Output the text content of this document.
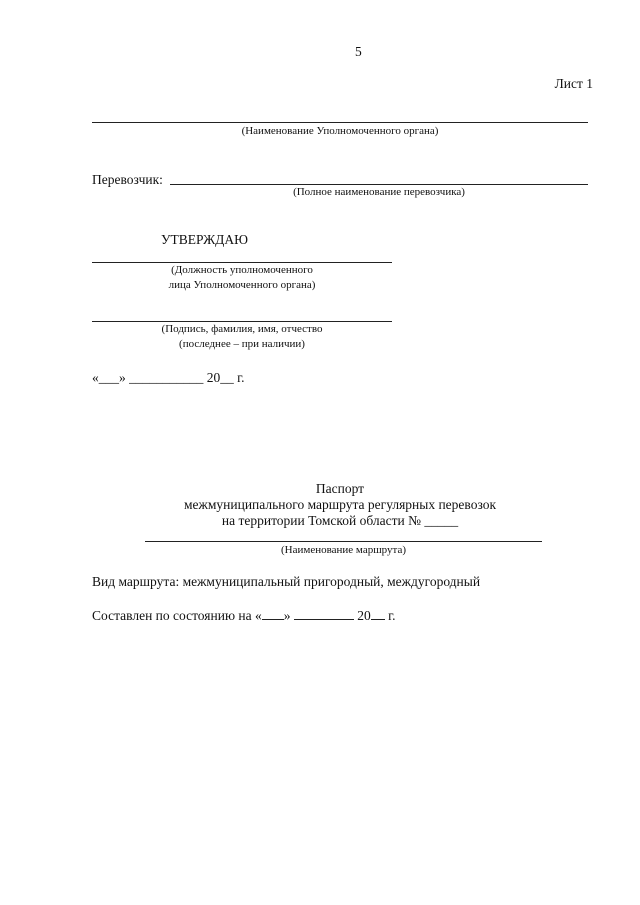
5
Лист 1
(Наименование Уполномоченного органа)
Перевозчик:
(Полное наименование перевозчика)
УТВЕРЖДАЮ
(Должность уполномоченного
лица Уполномоченного органа)
(Подпись, фамилия, имя, отчество
(последнее – при наличии)
«___» ___________ 20__ г.
Паспорт
межмуниципального маршрута регулярных перевозок
на территории Томской области № _____
(Наименование маршрута)
Вид маршрута: межмуниципальный пригородный, междугородный
Составлен по состоянию на « »	20 г.
